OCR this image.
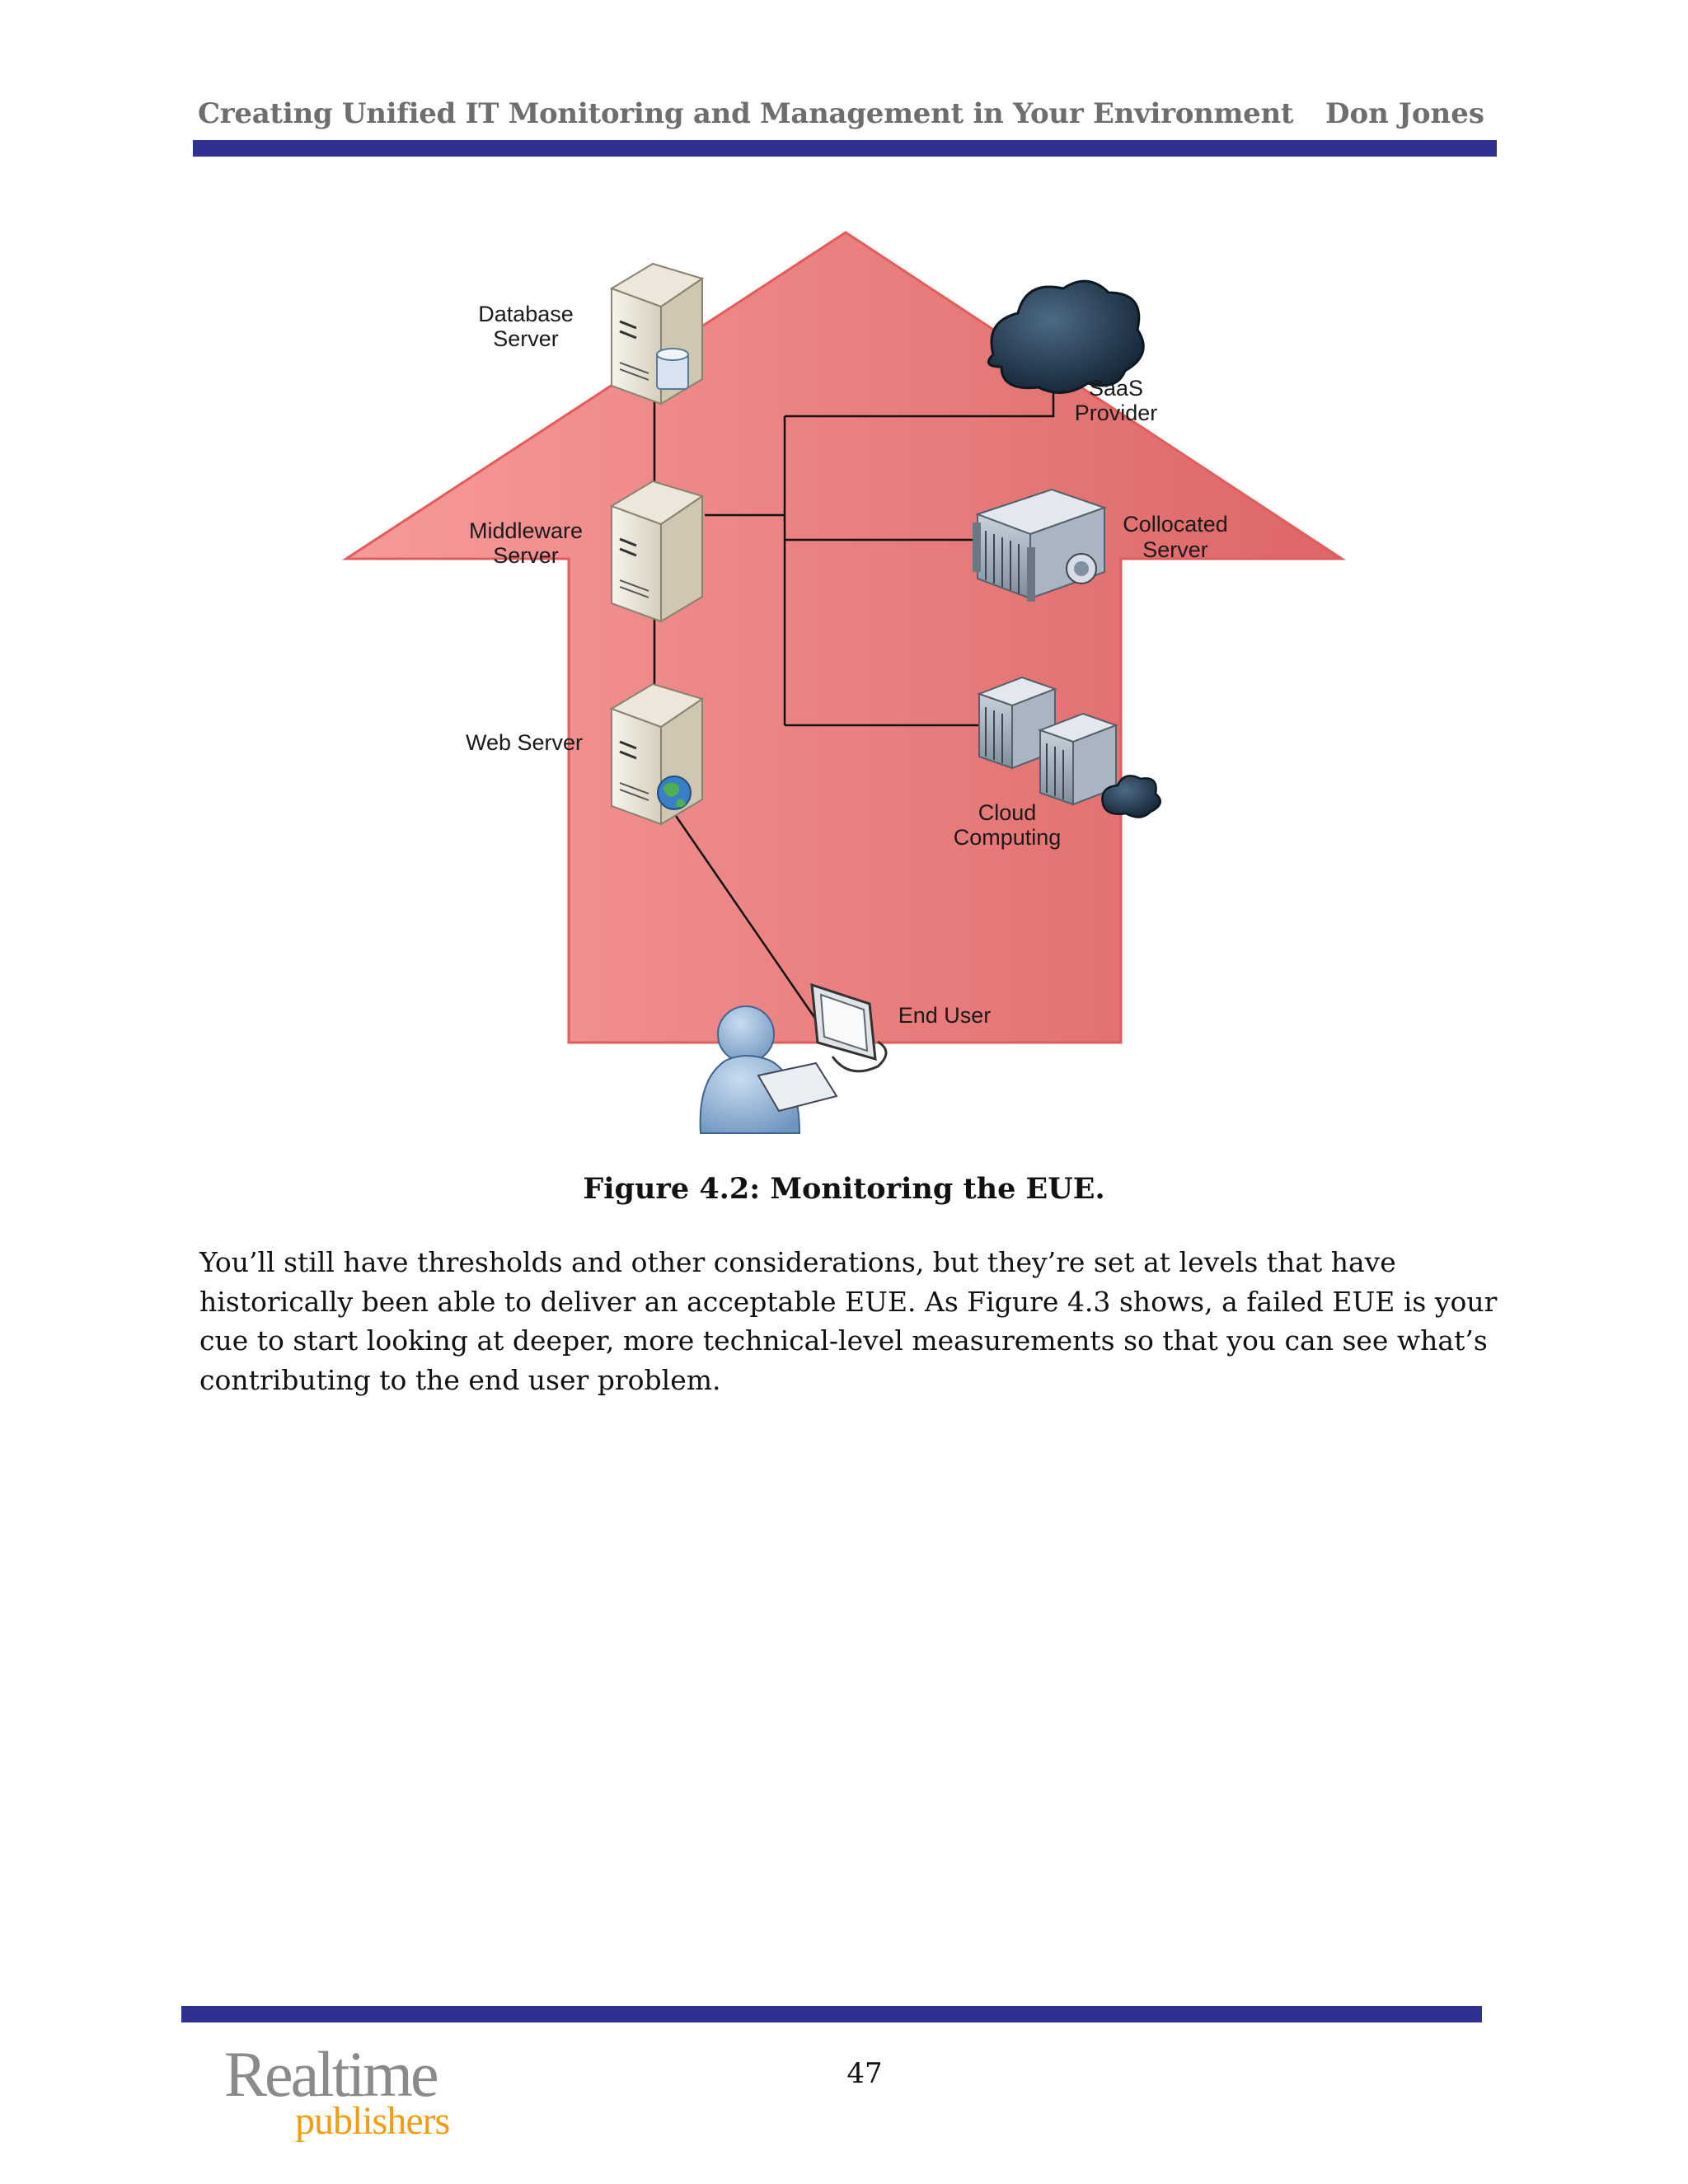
Creating Unified IT Monitoring and Management in Your Environment Don Jones
Database
Server
Middleware
Server
Web Server
SaaS
Provider
Collocated
Server
Cloud
Computing
End User
Figure 4.2: Monitoring the EUE.

You’ll still have thresholds and other considerations, but they’re set at levels that have historically been able to deliver an acceptable EUE. As Figure 4.3 shows, a failed EUE is your cue to start looking at deeper, more technical-level measurements so that you can see what’s contributing to the end user problem.

Realtime
publishers
47
